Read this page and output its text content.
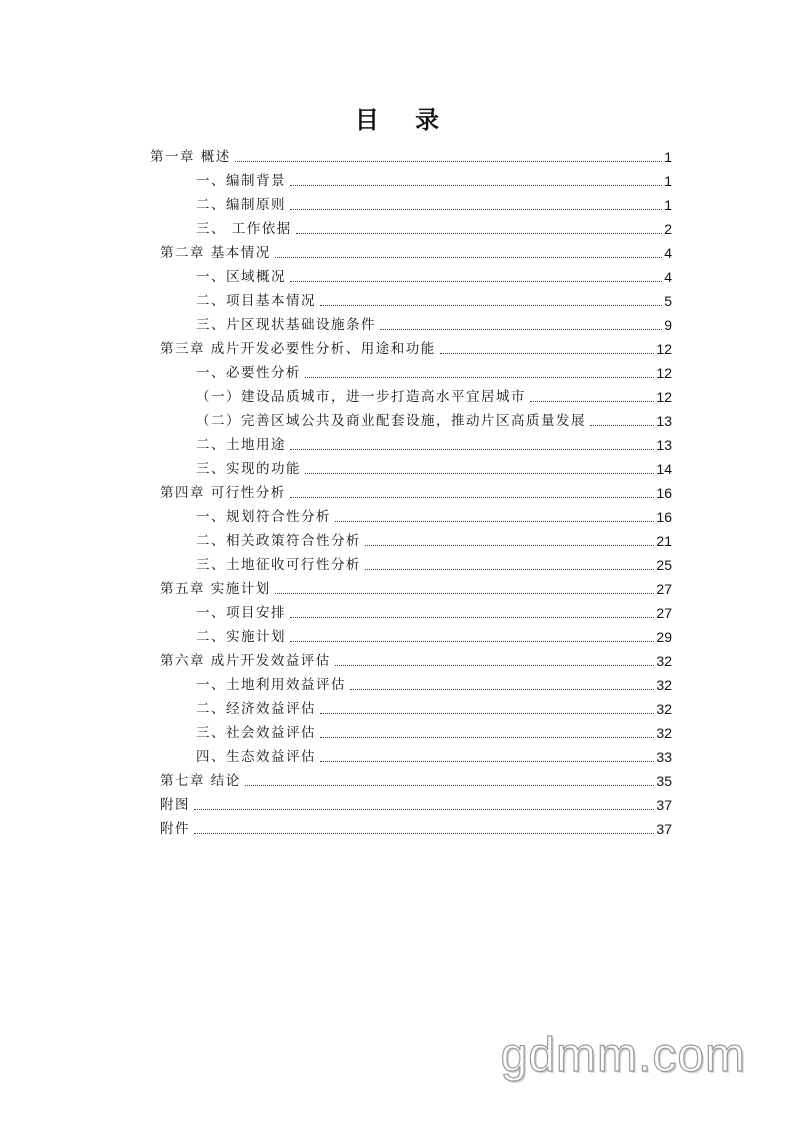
目 录
第一章 概述	1
一、编制背景	1
二、编制原则	1
三、 工作依据	2
第二章 基本情况	4
一、区域概况	4
二、项目基本情况	5
三、片区现状基础设施条件	9
第三章 成片开发必要性分析、用途和功能	12
一、必要性分析	12
（一）建设品质城市，进一步打造高水平宜居城市	12
（二）完善区域公共及商业配套设施，推动片区高质量发展	13
二、土地用途	13
三、实现的功能	14
第四章 可行性分析	16
一、规划符合性分析	16
二、相关政策符合性分析	21
三、土地征收可行性分析	25
第五章 实施计划	27
一、项目安排	27
二、实施计划	29
第六章 成片开发效益评估	32
一、土地利用效益评估	32
二、经济效益评估	32
三、社会效益评估	32
四、生态效益评估	33
第七章 结论	35
附图	37
附件	37
gdmm.com
